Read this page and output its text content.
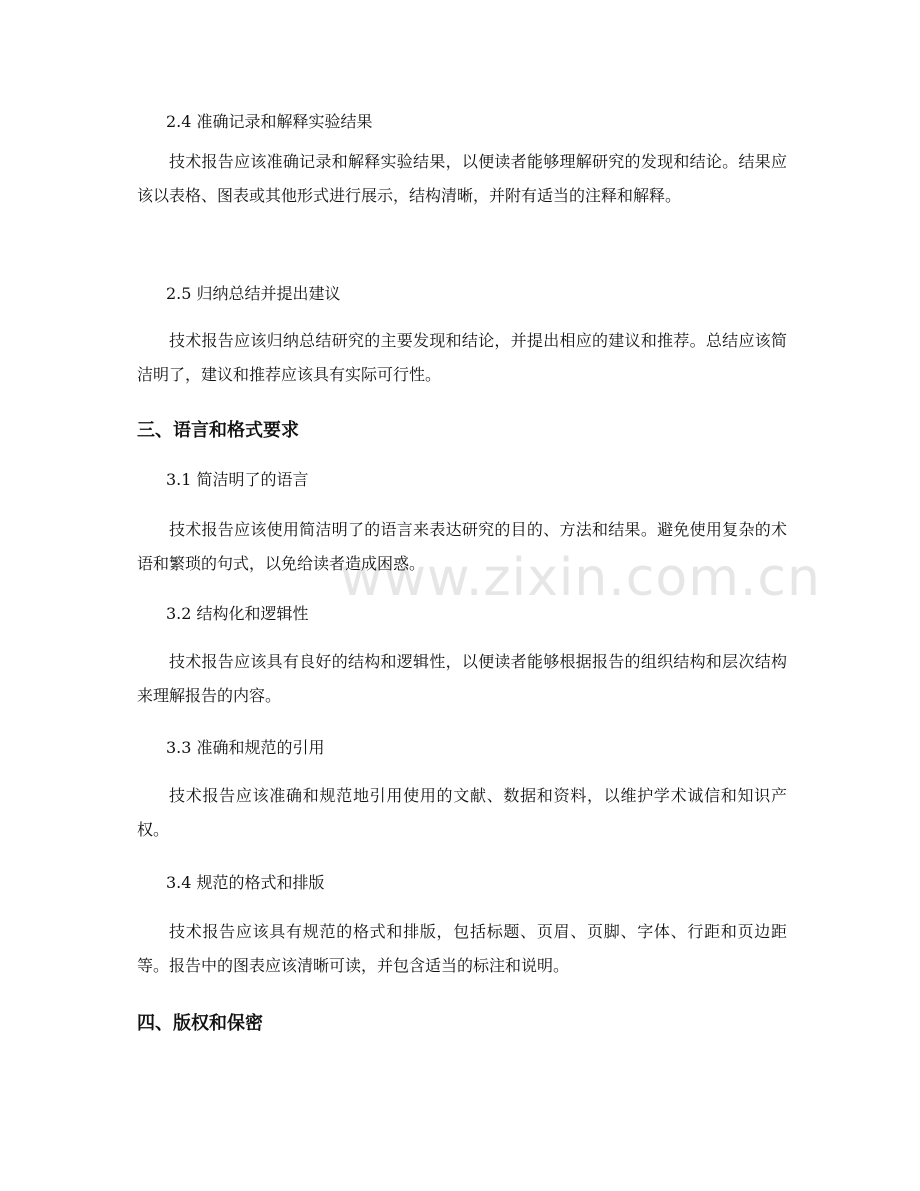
www.zixin.com.cn
2.4 准确记录和解释实验结果
技术报告应该准确记录和解释实验结果，以便读者能够理解研究的发现和结论。结果应该以表格、图表或其他形式进行展示，结构清晰，并附有适当的注释和解释。
2.5 归纳总结并提出建议
技术报告应该归纳总结研究的主要发现和结论，并提出相应的建议和推荐。总结应该简洁明了，建议和推荐应该具有实际可行性。
三、语言和格式要求
3.1 简洁明了的语言
技术报告应该使用简洁明了的语言来表达研究的目的、方法和结果。避免使用复杂的术语和繁琐的句式，以免给读者造成困惑。
3.2 结构化和逻辑性
技术报告应该具有良好的结构和逻辑性，以便读者能够根据报告的组织结构和层次结构来理解报告的内容。
3.3 准确和规范的引用
技术报告应该准确和规范地引用使用的文献、数据和资料，以维护学术诚信和知识产权。
3.4 规范的格式和排版
技术报告应该具有规范的格式和排版，包括标题、页眉、页脚、字体、行距和页边距等。报告中的图表应该清晰可读，并包含适当的标注和说明。
四、版权和保密
